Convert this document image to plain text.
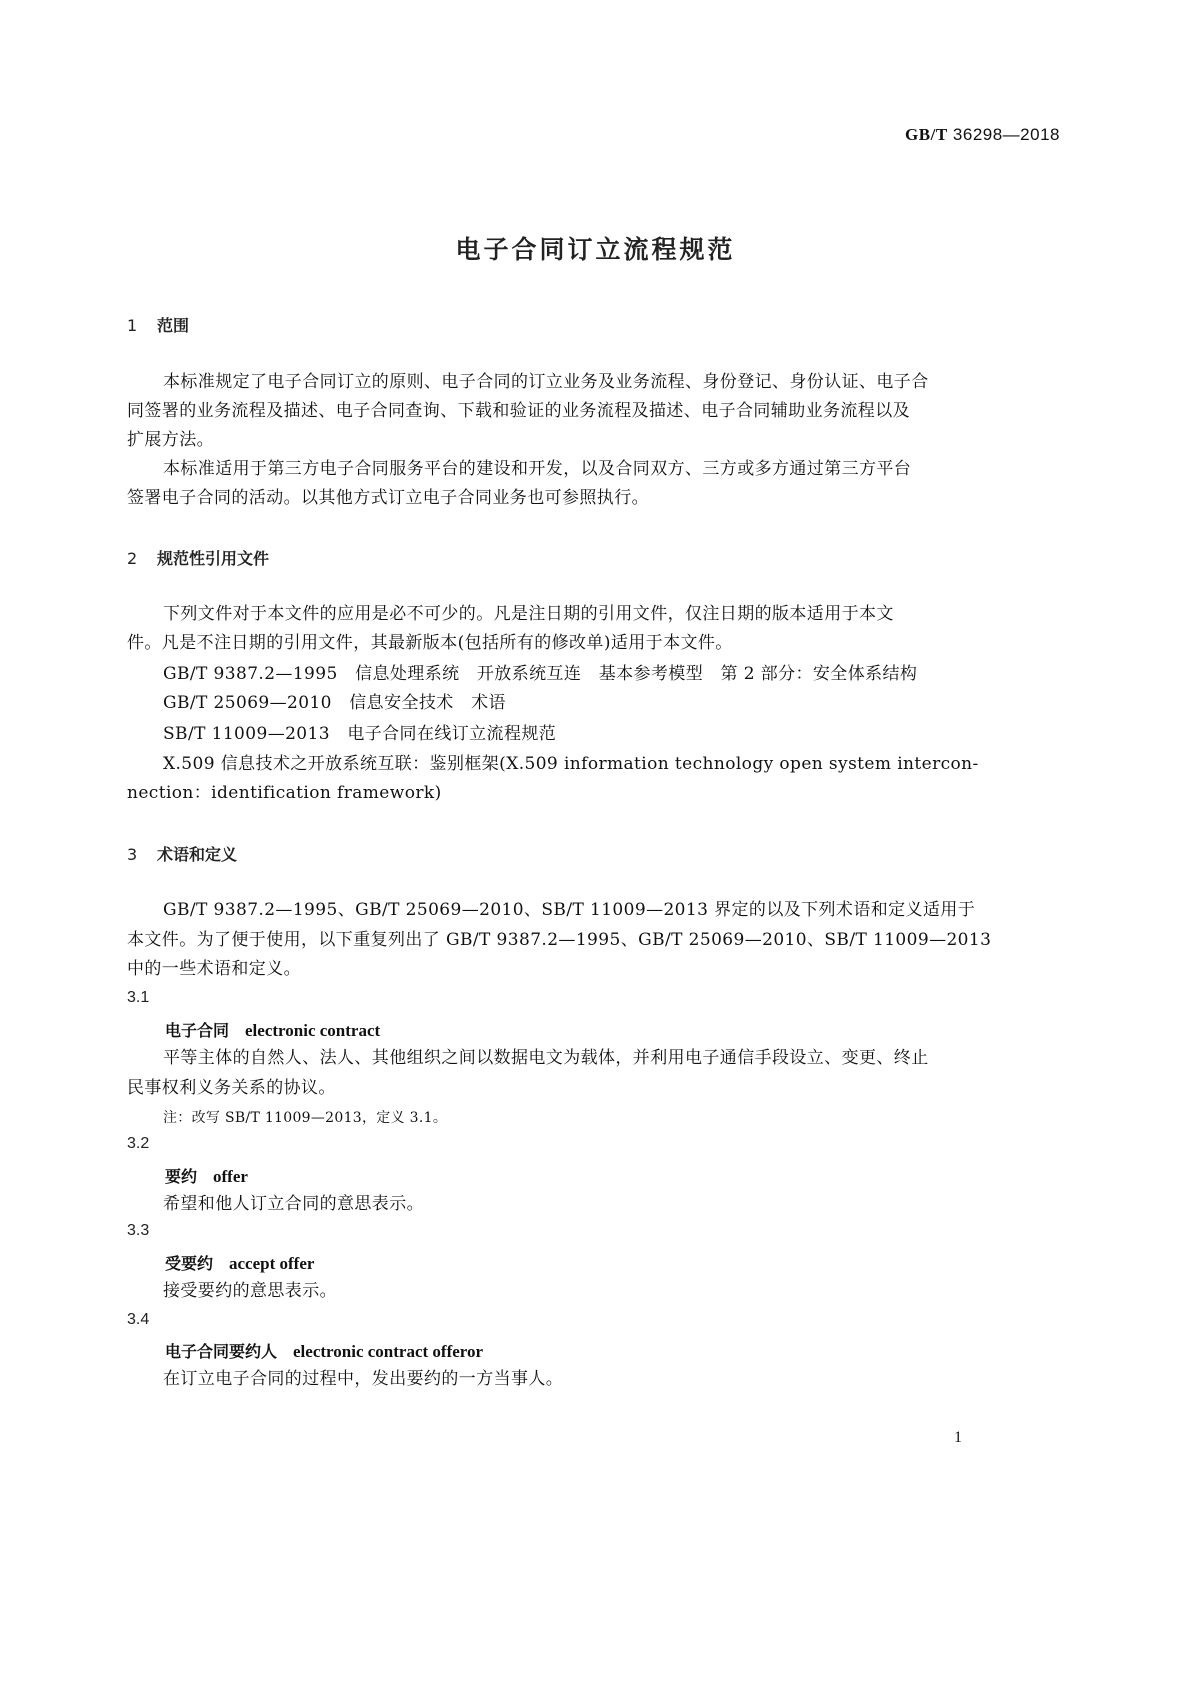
GB/T 36298—2018
电子合同订立流程规范
1 范围
本标准规定了电子合同订立的原则、电子合同的订立业务及业务流程、身份登记、身份认证、电子合
同签署的业务流程及描述、电子合同查询、下载和验证的业务流程及描述、电子合同辅助业务流程以及
扩展方法。
本标准适用于第三方电子合同服务平台的建设和开发，以及合同双方、三方或多方通过第三方平台
签署电子合同的活动。以其他方式订立电子合同业务也可参照执行。
2 规范性引用文件
下列文件对于本文件的应用是必不可少的。凡是注日期的引用文件，仅注日期的版本适用于本文
件。凡是不注日期的引用文件，其最新版本(包括所有的修改单)适用于本文件。
GB/T 9387.2—1995　信息处理系统　开放系统互连　基本参考模型　第 2 部分：安全体系结构
GB/T 25069—2010　信息安全技术　术语
SB/T 11009—2013　电子合同在线订立流程规范
X.509 信息技术之开放系统互联：鉴别框架(X.509 information technology open system intercon-
nection：identification framework)
3 术语和定义
GB/T 9387.2—1995、GB/T 25069—2010、SB/T 11009—2013 界定的以及下列术语和定义适用于
本文件。为了便于使用，以下重复列出了 GB/T 9387.2—1995、GB/T 25069—2010、SB/T 11009—2013
中的一些术语和定义。
3.1
电子合同 electronic contract
平等主体的自然人、法人、其他组织之间以数据电文为载体，并利用电子通信手段设立、变更、终止
民事权利义务关系的协议。
注：改写 SB/T 11009—2013，定义 3.1。
3.2
要约 offer
希望和他人订立合同的意思表示。
3.3
受要约 accept offer
接受要约的意思表示。
3.4
电子合同要约人 electronic contract offeror
在订立电子合同的过程中，发出要约的一方当事人。
1
